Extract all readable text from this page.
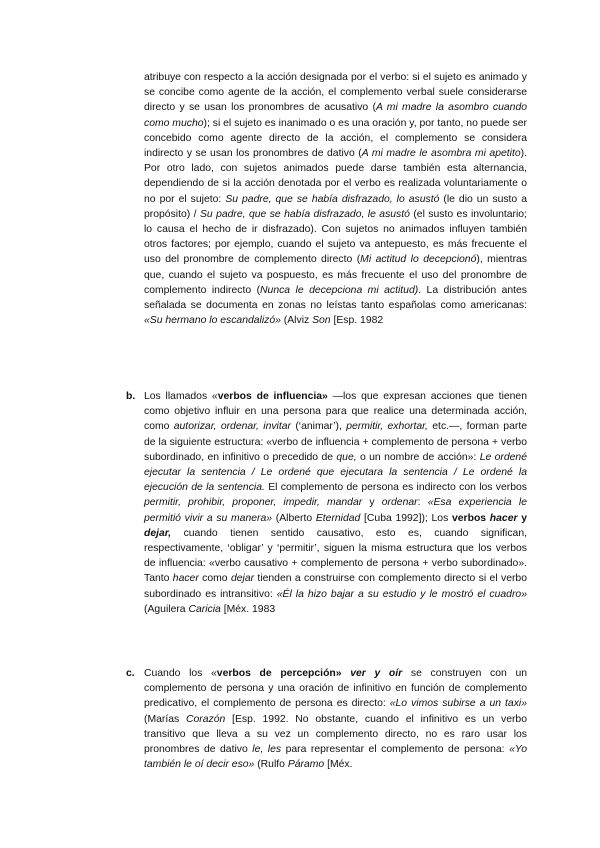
atribuye con respecto a la acción designada por el verbo: si el sujeto es animado y se concibe como agente de la acción, el complemento verbal suele considerarse directo y se usan los pronombres de acusativo (A mi madre la asombro cuando como mucho); si el sujeto es inanimado o es una oración y, por tanto, no puede ser concebido como agente directo de la acción, el complemento se considera indirecto y se usan los pronombres de dativo (A mi madre le asombra mi apetito). Por otro lado, con sujetos animados puede darse también esta alternancia, dependiendo de si la acción denotada por el verbo es realizada voluntariamente o no por el sujeto: Su padre, que se había disfrazado, lo asustó (le dio un susto a propósito) / Su padre, que se había disfrazado, le asustó (el susto es involuntario; lo causa el hecho de ir disfrazado). Con sujetos no animados influyen también otros factores; por ejemplo, cuando el sujeto va antepuesto, es más frecuente el uso del pronombre de complemento directo (Mi actitud lo decepcionó), mientras que, cuando el sujeto va pospuesto, es más frecuente el uso del pronombre de complemento indirecto (Nunca le decepciona mi actitud). La distribución antes señalada se documenta en zonas no leístas tanto españolas como americanas: «Su hermano lo escandalizó» (Alviz Son [Esp. 1982

b. Los llamados «verbos de influencia» —los que expresan acciones que tienen como objetivo influir en una persona para que realice una determinada acción, como autorizar, ordenar, invitar (‘animar’), permitir, exhortar, etc.—, forman parte de la siguiente estructura: «verbo de influencia + complemento de persona + verbo subordinado, en infinitivo o precedido de que, o un nombre de acción»: Le ordené ejecutar la sentencia / Le ordené que ejecutara la sentencia / Le ordené la ejecución de la sentencia. El complemento de persona es indirecto con los verbos permitir, prohibir, proponer, impedir, mandar y ordenar: «Esa experiencia le permitió vivir a su manera» (Alberto Eternidad [Cuba 1992]); Los verbos hacer y dejar, cuando tienen sentido causativo, esto es, cuando significan, respectivamente, ‘obligar’ y ‘permitir’, siguen la misma estructura que los verbos de influencia: «verbo causativo + complemento de persona + verbo subordinado». Tanto hacer como dejar tienden a construirse con complemento directo si el verbo subordinado es intransitivo: «Él la hizo bajar a su estudio y le mostró el cuadro» (Aguilera Caricia [Méx. 1983

c. Cuando los «verbos de percepción» ver y oír se construyen con un complemento de persona y una oración de infinitivo en función de complemento predicativo, el complemento de persona es directo: «Lo vimos subirse a un taxi» (Marías Corazón [Esp. 1992. No obstante, cuando el infinitivo es un verbo transitivo que lleva a su vez un complemento directo, no es raro usar los pronombres de dativo le, les para representar el complemento de persona: «Yo también le oí decir eso» (Rulfo Páramo [Méx.
